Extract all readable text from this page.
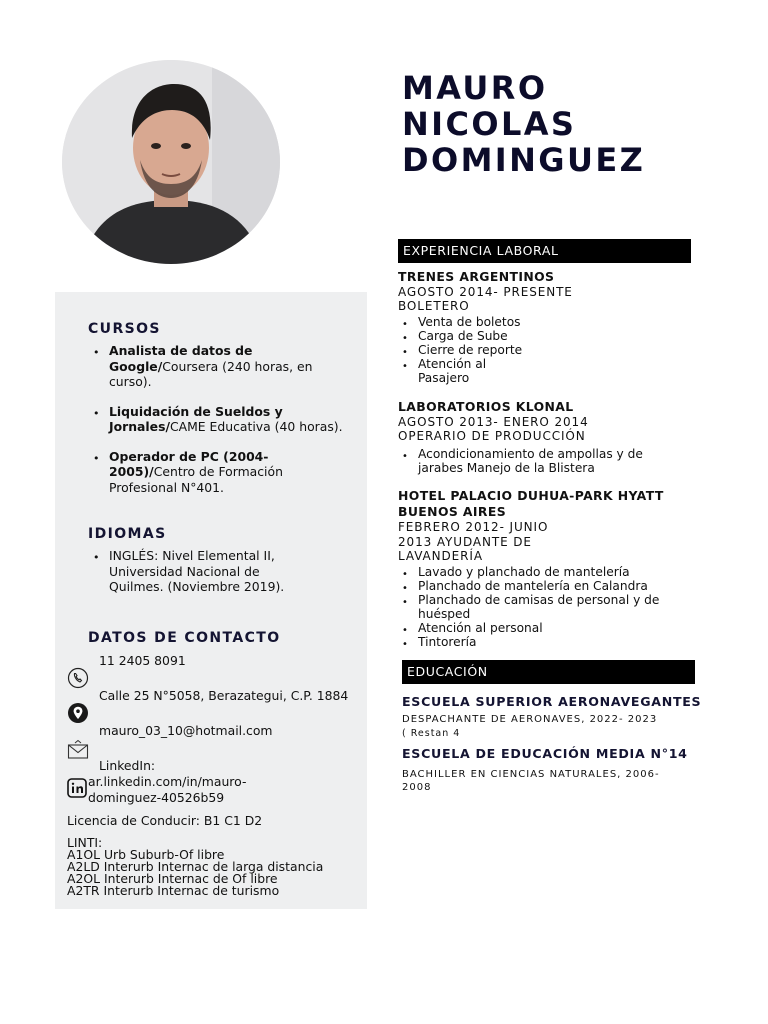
MAURO
NICOLAS
DOMINGUEZ
CURSOS
• Analista de datos de Google/Coursera (240 horas, en curso).
• Liquidación de Sueldos y Jornales/CAME Educativa (40 horas).
• Operador de PC (2004-2005)/Centro de Formación Profesional N°401.
IDIOMAS
• INGLÉS: Nivel Elemental II, Universidad Nacional de Quilmes. (Noviembre 2019).
DATOS DE CONTACTO
11 2405 8091
Calle 25 N°5058, Berazategui, C.P. 1884
mauro_03_10@hotmail.com
LinkedIn:
ar.linkedin.com/in/mauro-dominguez-40526b59
Licencia de Conducir: B1 C1 D2
LINTI:
A1OL Urb Suburb-Of libre
A2LD Interurb Internac de larga distancia A2OL Interurb Internac de Of libre
A2TR Interurb Internac de turismo
EXPERIENCIA LABORAL
TRENES ARGENTINOS
AGOSTO 2014- PRESENTE
BOLETERO
• Venta de boletos
• Carga de Sube
• Cierre de reporte
• Atención al Pasajero
LABORATORIOS KLONAL
AGOSTO 2013- ENERO 2014
OPERARIO DE PRODUCCIÓN
• Acondicionamiento de ampollas y de jarabes Manejo de la Blistera
HOTEL PALACIO DUHUA-PARK HYATT BUENOS AIRES
FEBRERO 2012- JUNIO 2013 AYUDANTE DE LAVANDERÍA
• Lavado y planchado de mantelería
• Planchado de mantelería en Calandra
• Planchado de camisas de personal y de huésped
• Atención al personal
• Tintorería
EDUCACIÓN
ESCUELA SUPERIOR AERONAVEGANTES
DESPACHANTE DE AERONAVES, 2022- 2023
( Restan 4
ESCUELA DE EDUCACIÓN MEDIA N°14
BACHILLER EN CIENCIAS NATURALES, 2006-2008
